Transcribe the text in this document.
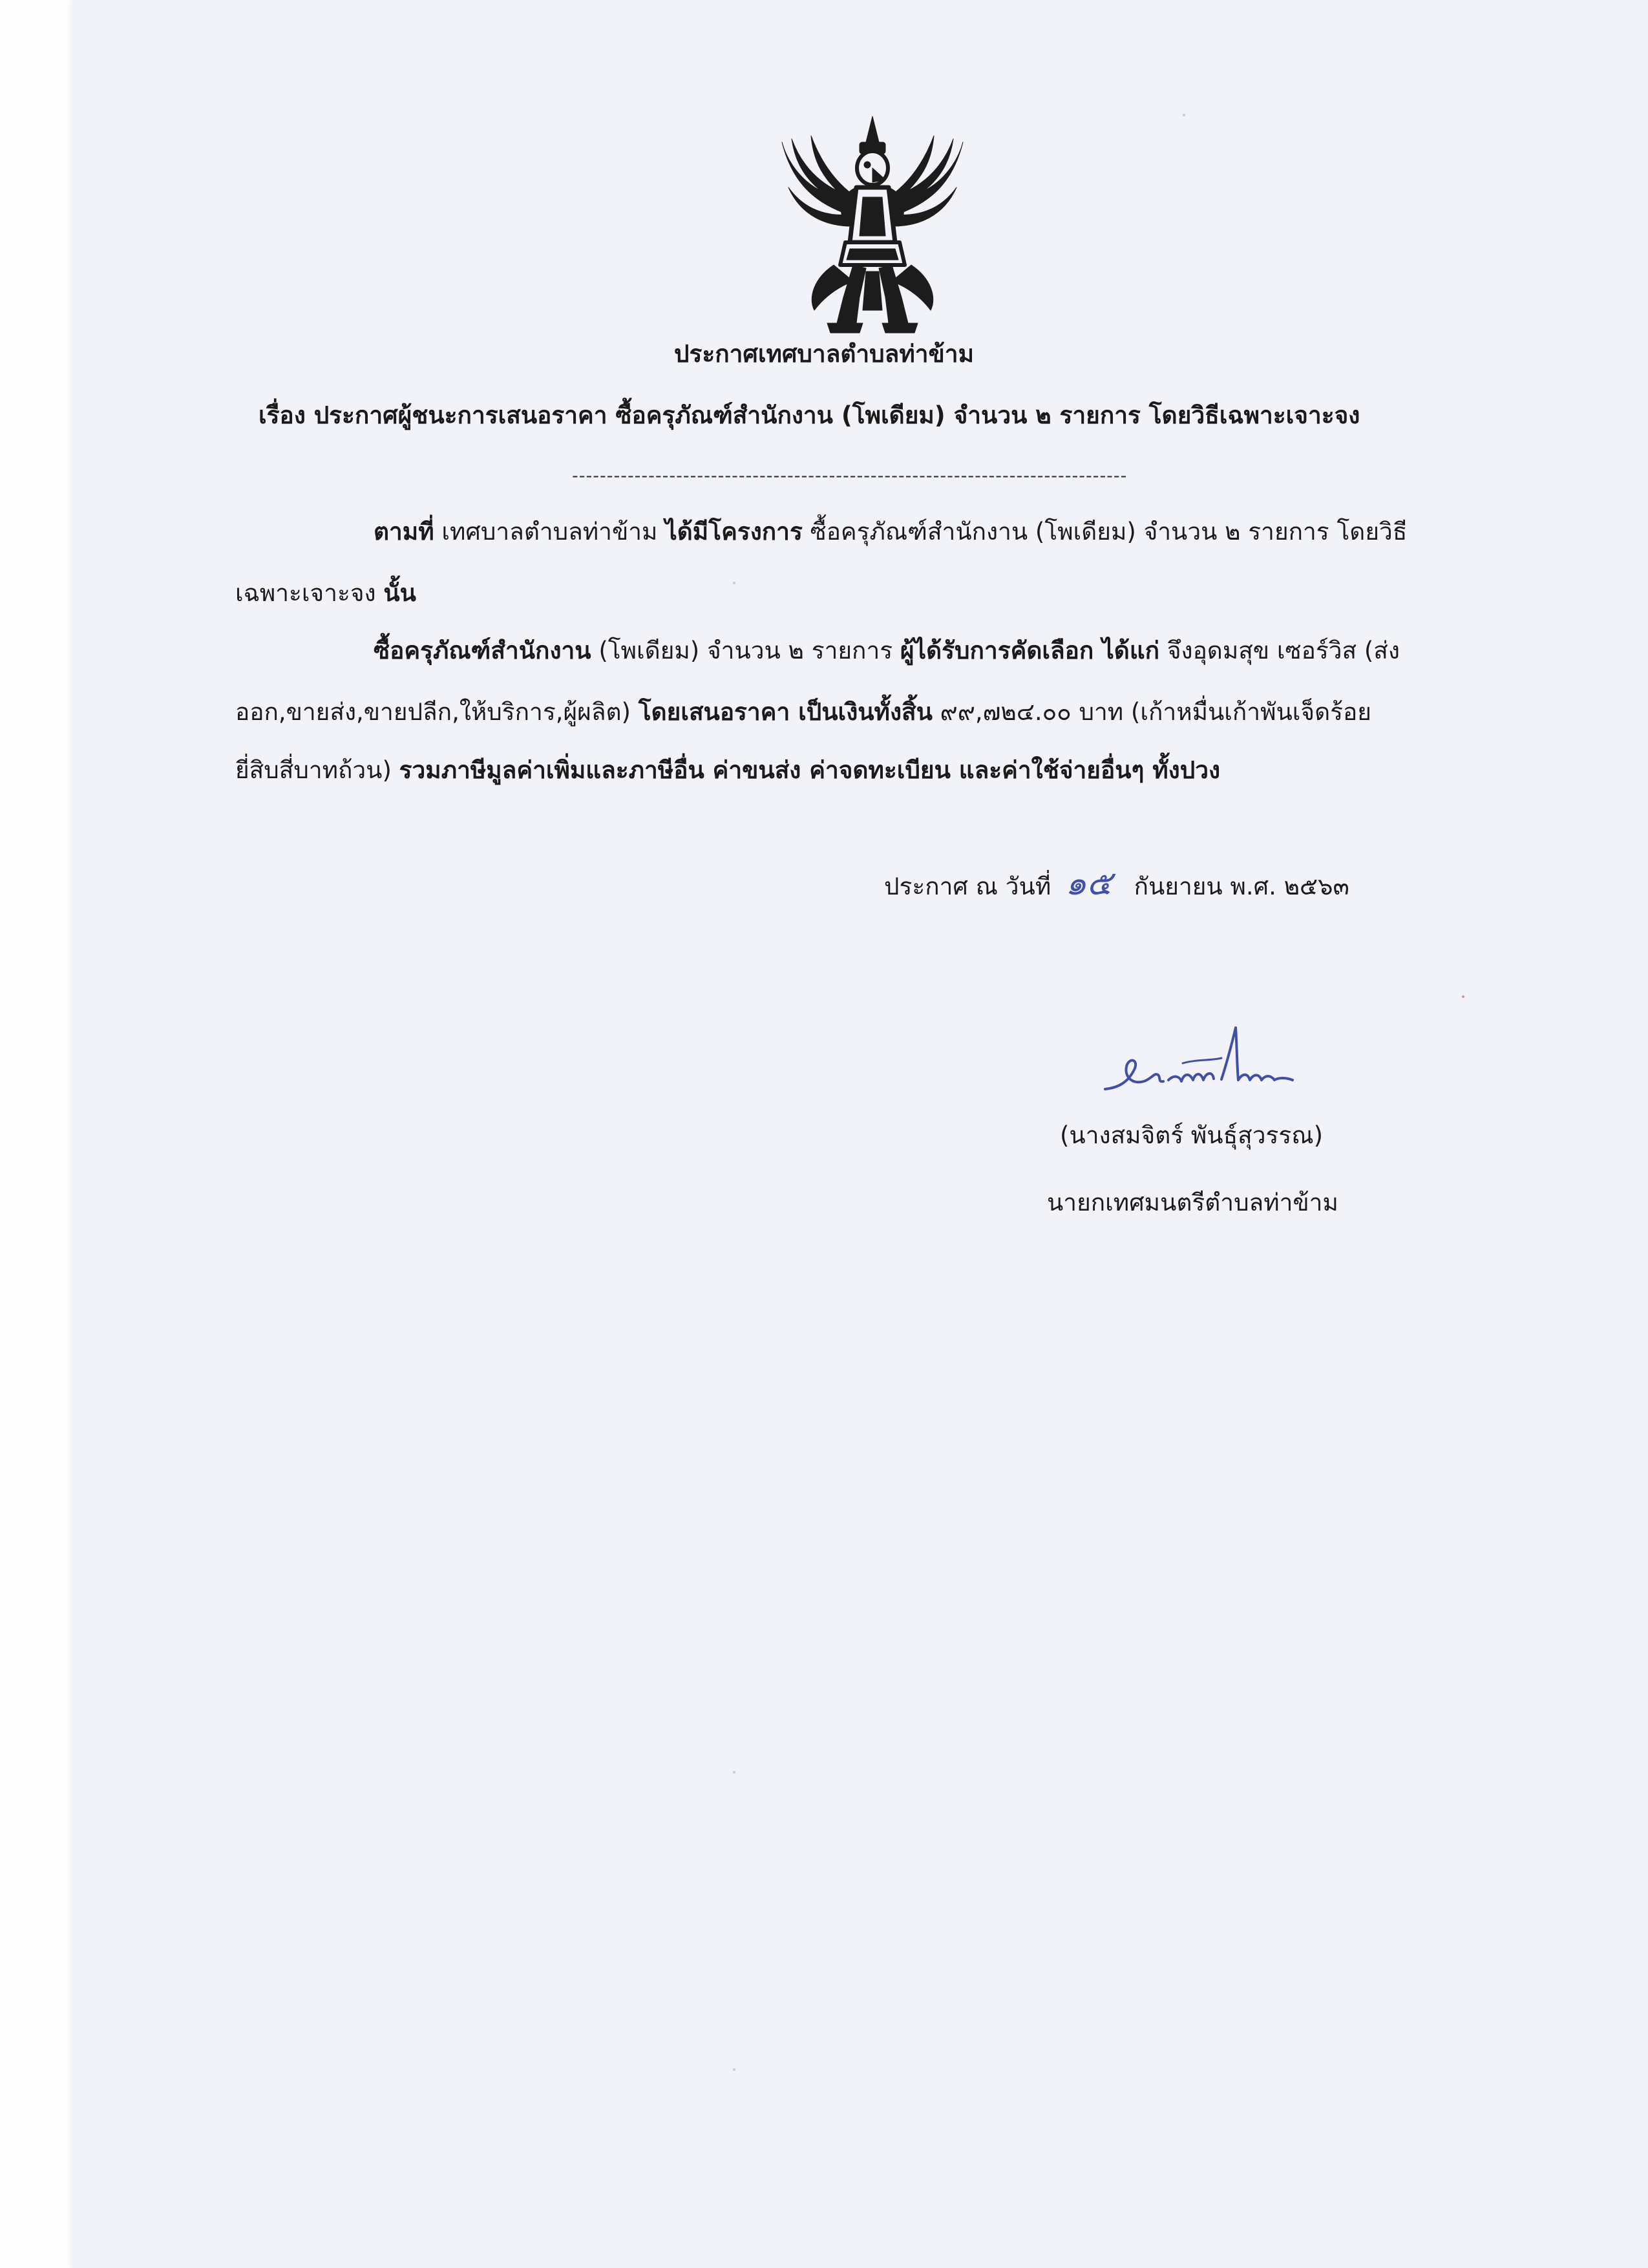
ประกาศเทศบาลตำบลท่าข้าม
เรื่อง ประกาศผู้ชนะการเสนอราคา ซื้อครุภัณฑ์สำนักงาน (โพเดียม) จำนวน ๒ รายการ โดยวิธีเฉพาะเจาะจง
--------------------------------------------------------------------------------
ตามที่ เทศบาลตำบลท่าข้าม ได้มีโครงการ ซื้อครุภัณฑ์สำนักงาน (โพเดียม) จำนวน ๒ รายการ โดยวิธี
เฉพาะเจาะจง นั้น
ซื้อครุภัณฑ์สำนักงาน (โพเดียม) จำนวน ๒ รายการ ผู้ได้รับการคัดเลือก ได้แก่ จึงอุดมสุข เซอร์วิส (ส่ง
ออก,ขายส่ง,ขายปลีก,ให้บริการ,ผู้ผลิต) โดยเสนอราคา เป็นเงินทั้งสิ้น ๙๙,๗๒๔.๐๐ บาท (เก้าหมื่นเก้าพันเจ็ดร้อย
ยี่สิบสี่บาทถ้วน) รวมภาษีมูลค่าเพิ่มและภาษีอื่น ค่าขนส่ง ค่าจดทะเบียน และค่าใช้จ่ายอื่นๆ ทั้งปวง
ประกาศ ณ วันที่ ๑๕ กันยายน พ.ศ. ๒๕๖๓
(นางสมจิตร์ พันธุ์สุวรรณ)
นายกเทศมนตรีตำบลท่าข้าม
